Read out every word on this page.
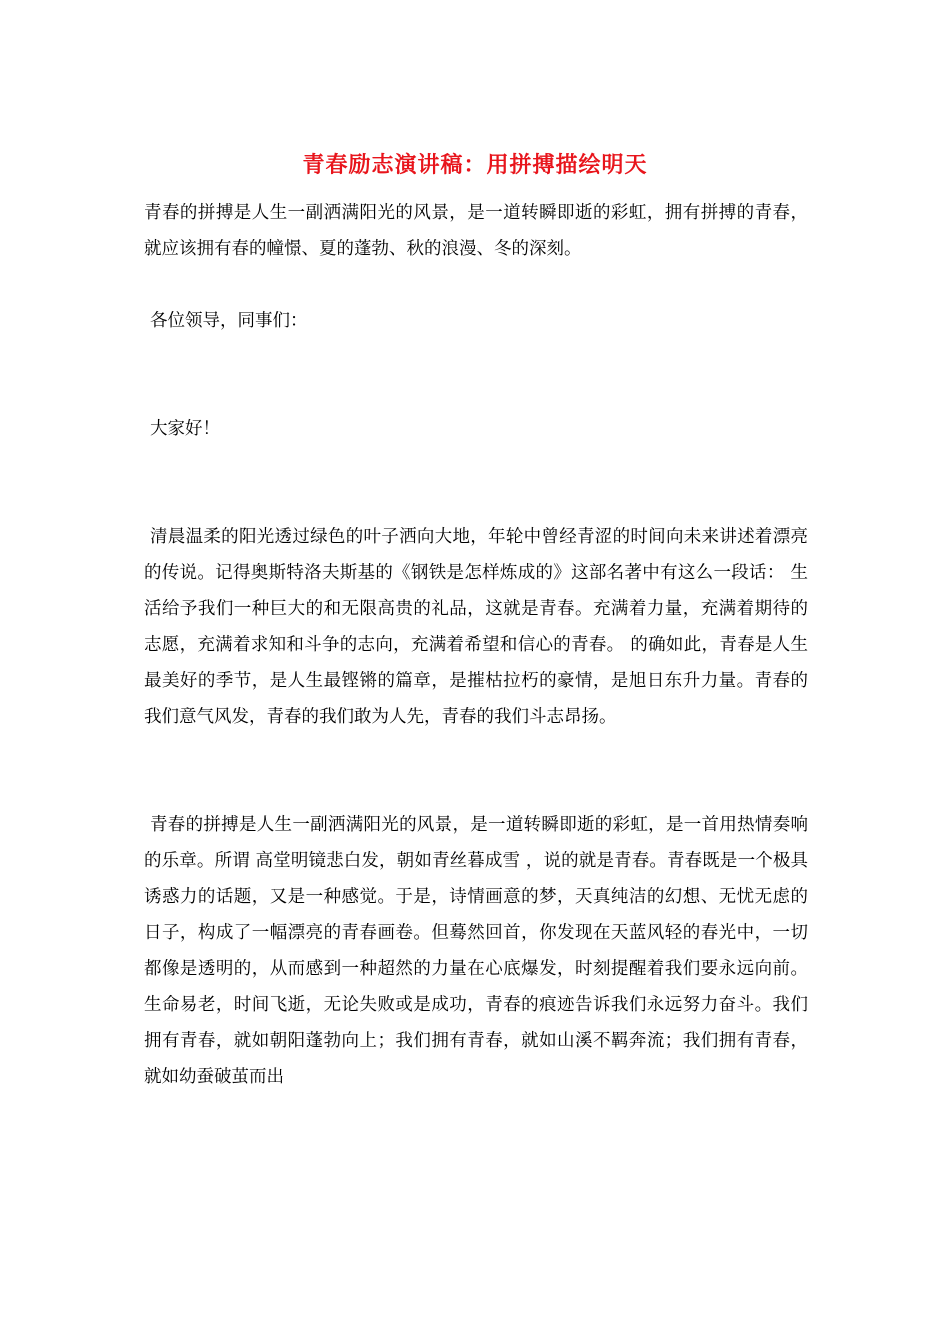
青春励志演讲稿：用拼搏描绘明天

青春的拼搏是人生一副洒满阳光的风景，是一道转瞬即逝的彩虹，拥有拼搏的青春，就应该拥有春的幢憬、夏的蓬勃、秋的浪漫、冬的深刻。

各位领导，同事们：

大家好！

清晨温柔的阳光透过绿色的叶子洒向大地，年轮中曾经青涩的时间向未来讲述着漂亮的传说。记得奥斯特洛夫斯基的《钢铁是怎样炼成的》这部名著中有这么一段话： 生活给予我们一种巨大的和无限高贵的礼品，这就是青春。充满着力量，充满着期待的志愿，充满着求知和斗争的志向，充满着希望和信心的青春。 的确如此，青春是人生最美好的季节，是人生最铿锵的篇章，是摧枯拉朽的豪情，是旭日东升力量。青春的我们意气风发，青春的我们敢为人先，青春的我们斗志昂扬。

青春的拼搏是人生一副洒满阳光的风景，是一道转瞬即逝的彩虹，是一首用热情奏响的乐章。所谓 高堂明镜悲白发，朝如青丝暮成雪 ，说的就是青春。青春既是一个极具诱惑力的话题，又是一种感觉。于是，诗情画意的梦，天真纯洁的幻想、无忧无虑的日子，构成了一幅漂亮的青春画卷。但蓦然回首，你发现在天蓝风轻的春光中，一切都像是透明的，从而感到一种超然的力量在心底爆发，时刻提醒着我们要永远向前。生命易老，时间飞逝，无论失败或是成功，青春的痕迹告诉我们永远努力奋斗。我们拥有青春，就如朝阳蓬勃向上；我们拥有青春，就如山溪不羁奔流；我们拥有青春，就如幼蚕破茧而出
